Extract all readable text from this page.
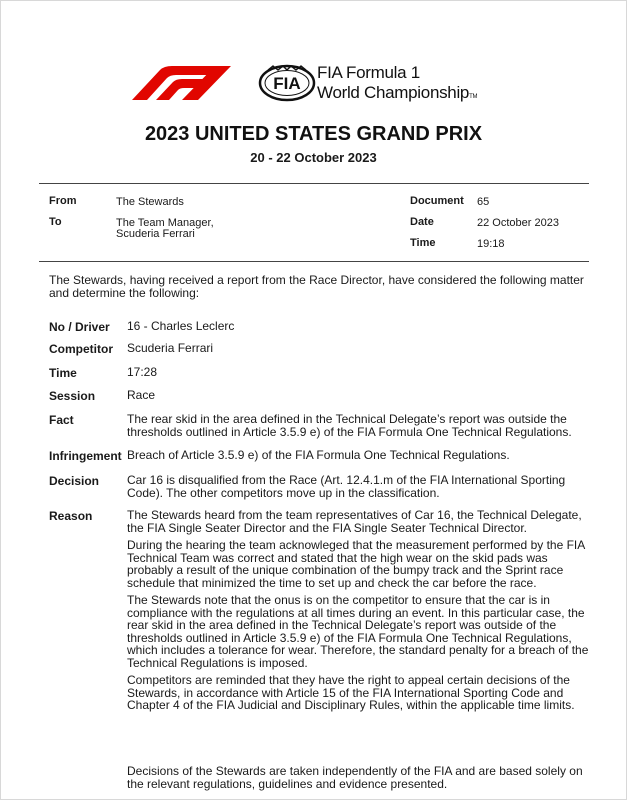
FIA
FIA Formula 1
World ChampionshipTM
2023 UNITED STATES GRAND PRIX
20 - 22 October 2023
From	The Stewards
To	The Team Manager,
Scuderia Ferrari
Document 65
Date	22 October 2023
Time	19:18
The Stewards, having received a report from the Race Director, have considered the following matter and determine the following:
No / Driver 16 - Charles Leclerc
Competitor Scuderia Ferrari
Time	17:28
Session	Race
Fact	The rear skid in the area defined in the Technical Delegate’s report was outside the thresholds outlined in Article 3.5.9 e) of the FIA Formula One Technical Regulations.
Infringement Breach of Article 3.5.9 e) of the FIA Formula One Technical Regulations.
Decision Car 16 is disqualified from the Race (Art. 12.4.1.m of the FIA International Sporting Code). The other competitors move up in the classification.
Reason	The Stewards heard from the team representatives of Car 16, the Technical Delegate, the FIA Single Seater Director and the FIA Single Seater Technical Director.

During the hearing the team acknowleged that the measurement performed by the FIA Technical Team was correct and stated that the high wear on the skid pads was probably a result of the unique combination of the bumpy track and the Sprint race schedule that minimized the time to set up and check the car before the race.

The Stewards note that the onus is on the competitor to ensure that the car is in compliance with the regulations at all times during an event. In this particular case, the rear skid in the area defined in the Technical Delegate’s report was outside of the thresholds outlined in Article 3.5.9 e) of the FIA Formula One Technical Regulations, which includes a tolerance for wear. Therefore, the standard penalty for a breach of the Technical Regulations is imposed.

Competitors are reminded that they have the right to appeal certain decisions of the Stewards, in accordance with Article 15 of the FIA International Sporting Code and Chapter 4 of the FIA Judicial and Disciplinary Rules, within the applicable time limits.

Decisions of the Stewards are taken independently of the FIA and are based solely on the relevant regulations, guidelines and evidence presented.
